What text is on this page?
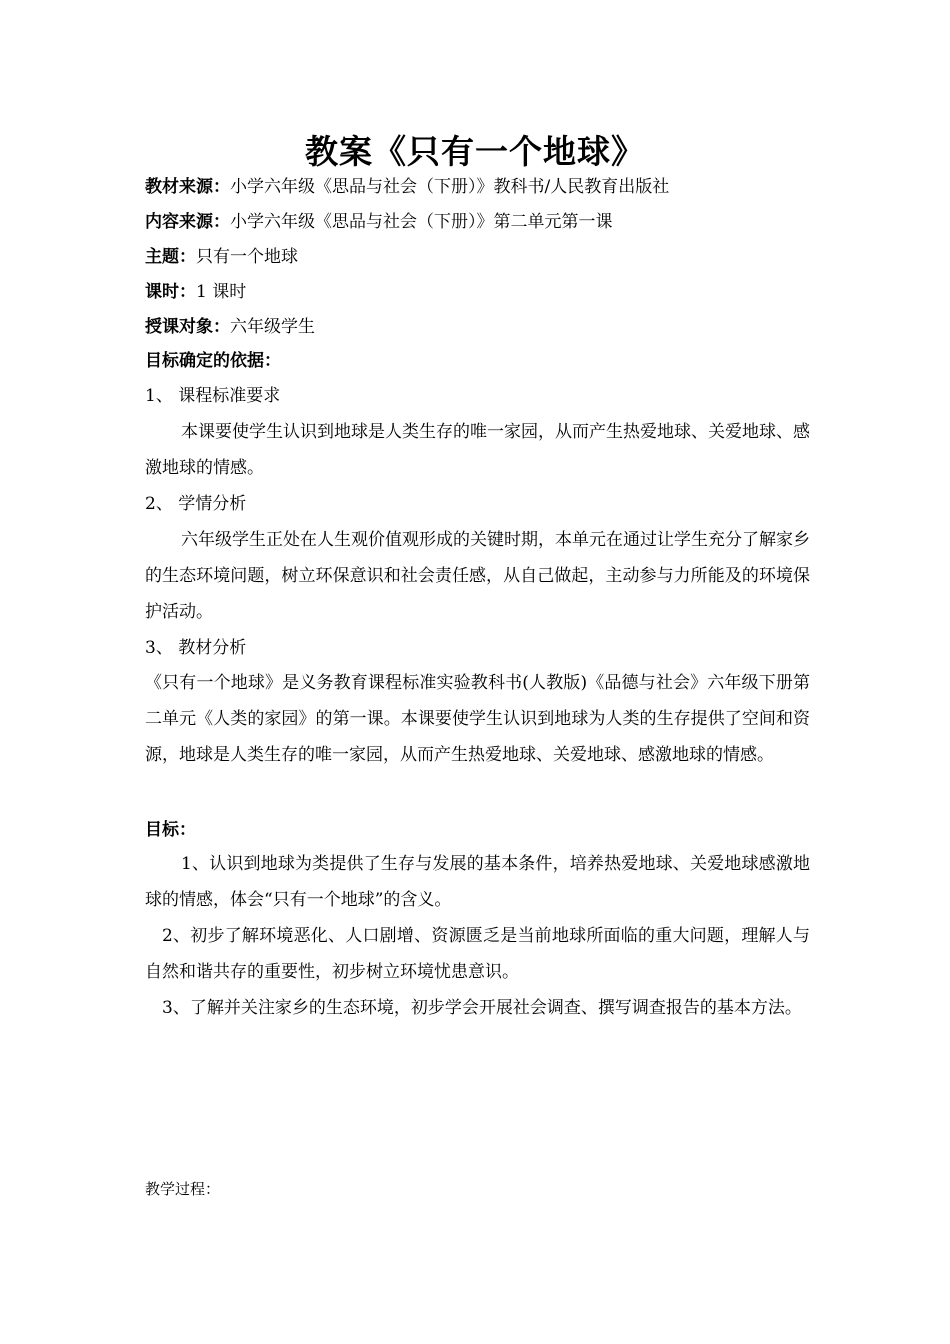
教案《只有一个地球》
教材来源：小学六年级《思品与社会（下册）》教科书/人民教育出版社
内容来源：小学六年级《思品与社会（下册）》第二单元第一课
主题：只有一个地球
课时：1 课时
授课对象：六年级学生
目标确定的依据：
1、 课程标准要求
本课要使学生认识到地球是人类生存的唯一家园，从而产生热爱地球、关爱地球、感激地球的情感。
2、 学情分析
六年级学生正处在人生观价值观形成的关键时期，本单元在通过让学生充分了解家乡的生态环境问题，树立环保意识和社会责任感，从自己做起，主动参与力所能及的环境保护活动。
3、 教材分析
《只有一个地球》是义务教育课程标准实验教科书(人教版)《品德与社会》六年级下册第二单元《人类的家园》的第一课。本课要使学生认识到地球为人类的生存提供了空间和资源，地球是人类生存的唯一家园，从而产生热爱地球、关爱地球、感激地球的情感。
目标：
1、认识到地球为类提供了生存与发展的基本条件，培养热爱地球、关爱地球感激地球的情感，体会“只有一个地球”的含义。
2、初步了解环境恶化、人口剧增、资源匮乏是当前地球所面临的重大问题，理解人与自然和谐共存的重要性，初步树立环境忧患意识。
3、了解并关注家乡的生态环境，初步学会开展社会调查、撰写调查报告的基本方法。
教学过程：
